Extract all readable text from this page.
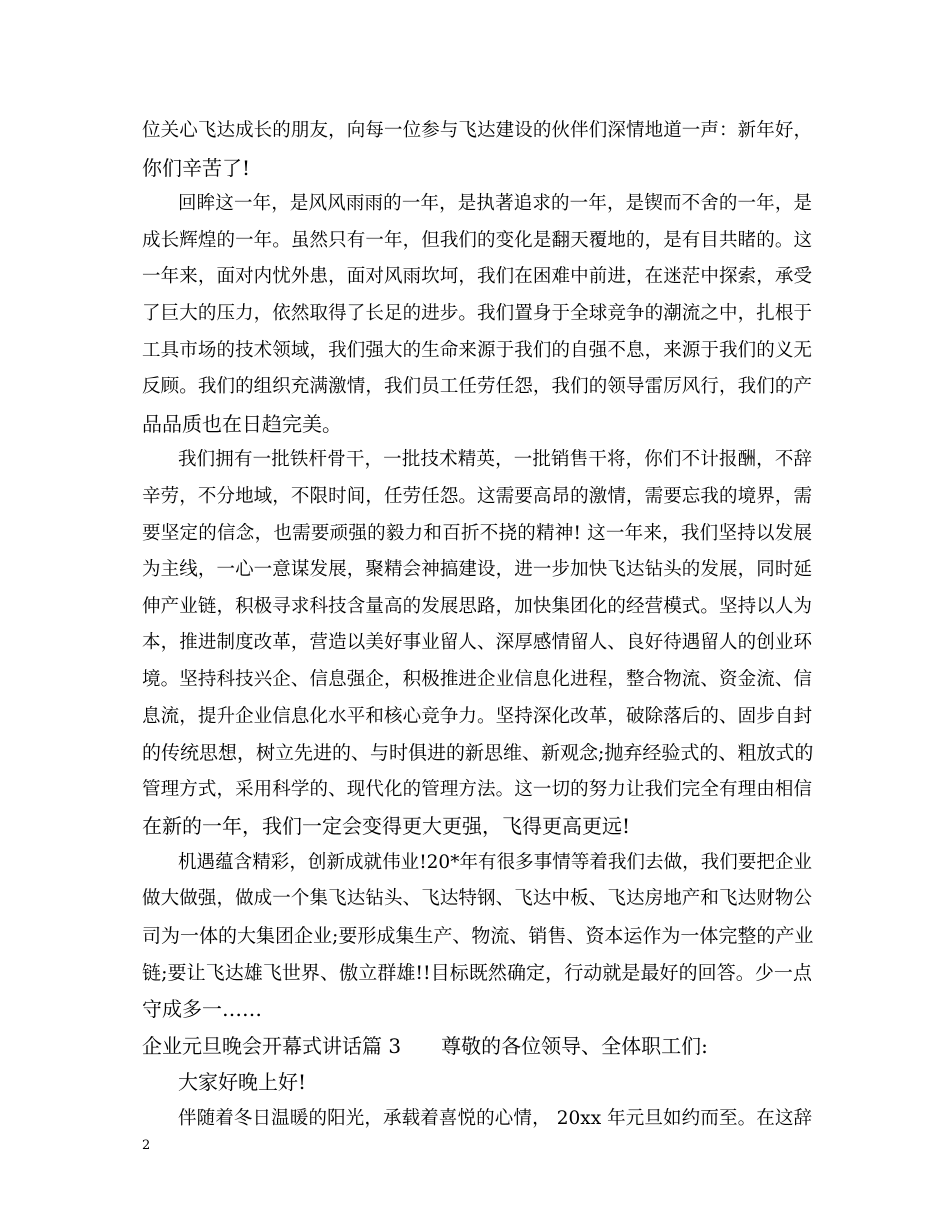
位关心飞达成长的朋友，向每一位参与飞达建设的伙伴们深情地道一声：新年好，
你们辛苦了!
回眸这一年，是风风雨雨的一年，是执著追求的一年，是锲而不舍的一年，是
成长辉煌的一年。虽然只有一年，但我们的变化是翻天覆地的，是有目共睹的。这
一年来，面对内忧外患，面对风雨坎坷，我们在困难中前进，在迷茫中探索，承受
了巨大的压力，依然取得了长足的进步。我们置身于全球竞争的潮流之中，扎根于
工具市场的技术领域，我们强大的生命来源于我们的自强不息，来源于我们的义无
反顾。我们的组织充满激情，我们员工任劳任怨，我们的领导雷厉风行，我们的产
品品质也在日趋完美。
我们拥有一批铁杆骨干，一批技术精英，一批销售干将，你们不计报酬，不辞
辛劳，不分地域，不限时间，任劳任怨。这需要高昂的激情，需要忘我的境界，需
要坚定的信念，也需要顽强的毅力和百折不挠的精神! 这一年来，我们坚持以发展
为主线，一心一意谋发展，聚精会神搞建设，进一步加快飞达钻头的发展，同时延
伸产业链，积极寻求科技含量高的发展思路，加快集团化的经营模式。坚持以人为
本，推进制度改革，营造以美好事业留人、深厚感情留人、良好待遇留人的创业环
境。坚持科技兴企、信息强企，积极推进企业信息化进程，整合物流、资金流、信
息流，提升企业信息化水平和核心竞争力。坚持深化改革，破除落后的、固步自封
的传统思想，树立先进的、与时俱进的新思维、新观念;抛弃经验式的、粗放式的
管理方式，采用科学的、现代化的管理方法。这一切的努力让我们完全有理由相信
在新的一年，我们一定会变得更大更强，飞得更高更远!
机遇蕴含精彩，创新成就伟业!20*年有很多事情等着我们去做，我们要把企业
做大做强，做成一个集飞达钻头、飞达特钢、飞达中板、飞达房地产和飞达财物公
司为一体的大集团企业;要形成集生产、物流、销售、资本运作为一体完整的产业
链;要让飞达雄飞世界、傲立群雄!!目标既然确定，行动就是最好的回答。少一点
守成多一……
企业元旦晚会开幕式讲话篇 3 尊敬的各位领导、全体职工们:
大家好晚上好!
伴随着冬日温暖的阳光，承载着喜悦的心情， 20xx 年元旦如约而至。在这辞
2
